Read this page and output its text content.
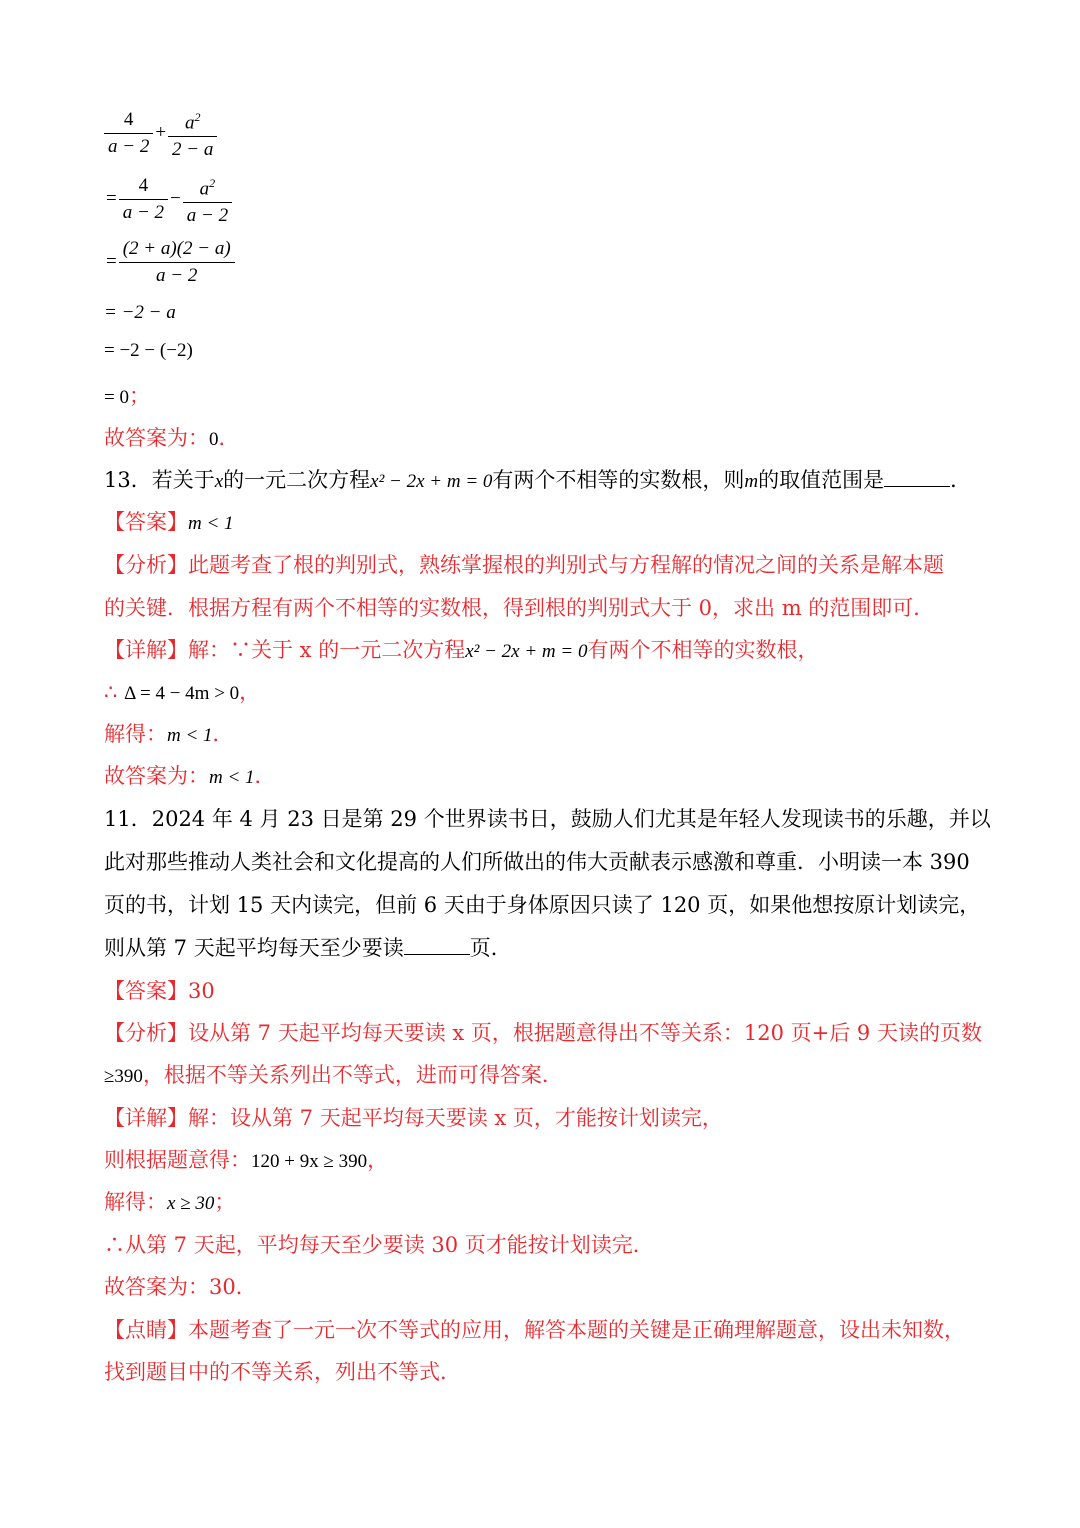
$\frac{4}{a - 2} + \frac{a^2}{2 - a}$
= $\frac{4}{a - 2} - \frac{a^2}{a - 2}$
= $\frac{(2 + a)(2 - a)}{a - 2}$
= −2 − a
= −2 − (−2)
= 0；
故答案为：0．
13．若关于x的一元二次方程x² − 2x + m = 0有两个不相等的实数根，则m的取值范围是	．
【答案】m < 1
【分析】此题考查了根的判别式，熟练掌握根的判别式与方程解的情况之间的关系是解本题
的关键．根据方程有两个不相等的实数根，得到根的判别式大于 0，求出 m 的范围即可．
【详解】解：∵关于 x 的一元二次方程x² − 2x + m = 0有两个不相等的实数根，
∴ Δ = 4 − 4m > 0，
解得：m < 1．
故答案为：m < 1．
11．2024 年 4 月 23 日是第 29 个世界读书日，鼓励人们尤其是年轻人发现读书的乐趣，并以
此对那些推动人类社会和文化提高的人们所做出的伟大贡献表示感激和尊重．小明读一本 390
页的书，计划 15 天内读完，但前 6 天由于身体原因只读了 120 页，如果他想按原计划读完，
则从第 7 天起平均每天至少要读	页．
【答案】30
【分析】设从第 7 天起平均每天要读 x 页，根据题意得出不等关系：120 页+后 9 天读的页数
≥390，根据不等关系列出不等式，进而可得答案．
【详解】解：设从第 7 天起平均每天要读 x 页，才能按计划读完，
则根据题意得：120 + 9x ≥ 390，
解得：x ≥ 30；
∴从第 7 天起，平均每天至少要读 30 页才能按计划读完．
故答案为：30．
【点睛】本题考查了一元一次不等式的应用，解答本题的关键是正确理解题意，设出未知数，
找到题目中的不等关系，列出不等式．
